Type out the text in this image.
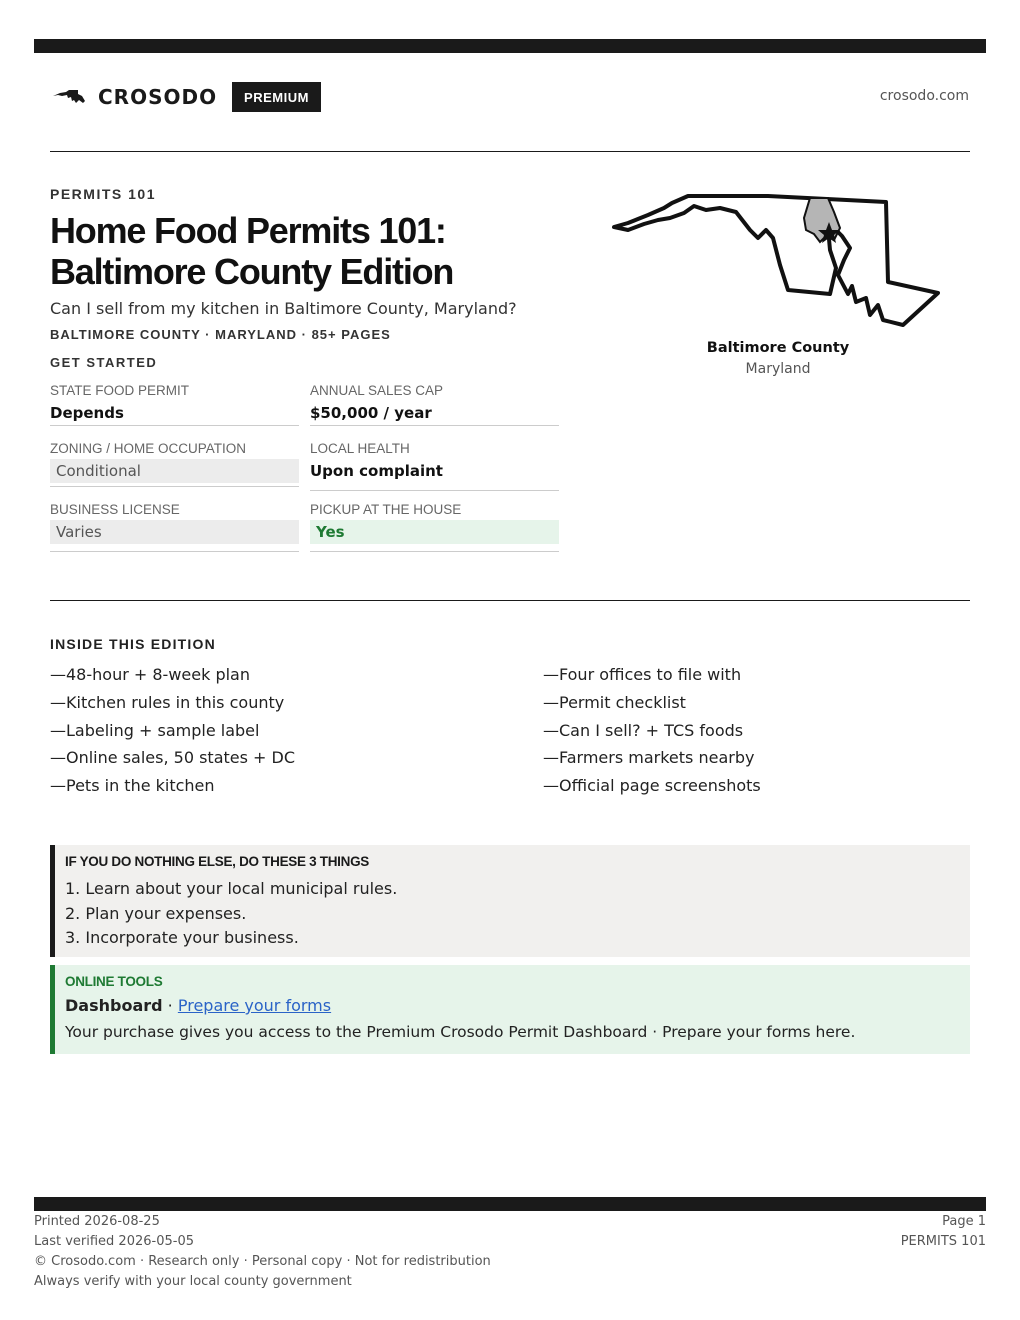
CROSODO	PREMIUM	crosodo.com
PERMITS 101
Home Food Permits 101:
Baltimore County Edition
Can I sell from my kitchen in Baltimore County, Maryland?
BALTIMORE COUNTY · MARYLAND · 85+ PAGES
GET STARTED
STATE FOOD PERMIT
Depends
ANNUAL SALES CAP
$50,000 / year
ZONING / HOME OCCUPATION
Conditional
LOCAL HEALTH
Upon complaint
BUSINESS LICENSE
Varies
PICKUP AT THE HOUSE
Yes
Baltimore County
Maryland
INSIDE THIS EDITION
—48-hour + 8-week plan
—Kitchen rules in this county
—Labeling + sample label
—Online sales, 50 states + DC
—Pets in the kitchen
—Four offices to file with
—Permit checklist
—Can I sell? + TCS foods
—Farmers markets nearby
—Official page screenshots
IF YOU DO NOTHING ELSE, DO THESE 3 THINGS
1. Learn about your local municipal rules.
2. Plan your expenses.
3. Incorporate your business.
ONLINE TOOLS
Dashboard · Prepare your forms
Your purchase gives you access to the Premium Crosodo Permit Dashboard · Prepare your forms here.
Printed 2026-08-25
Last verified 2026-05-05
© Crosodo.com · Research only · Personal copy · Not for redistribution
Always verify with your local county government
Page 1
PERMITS 101
